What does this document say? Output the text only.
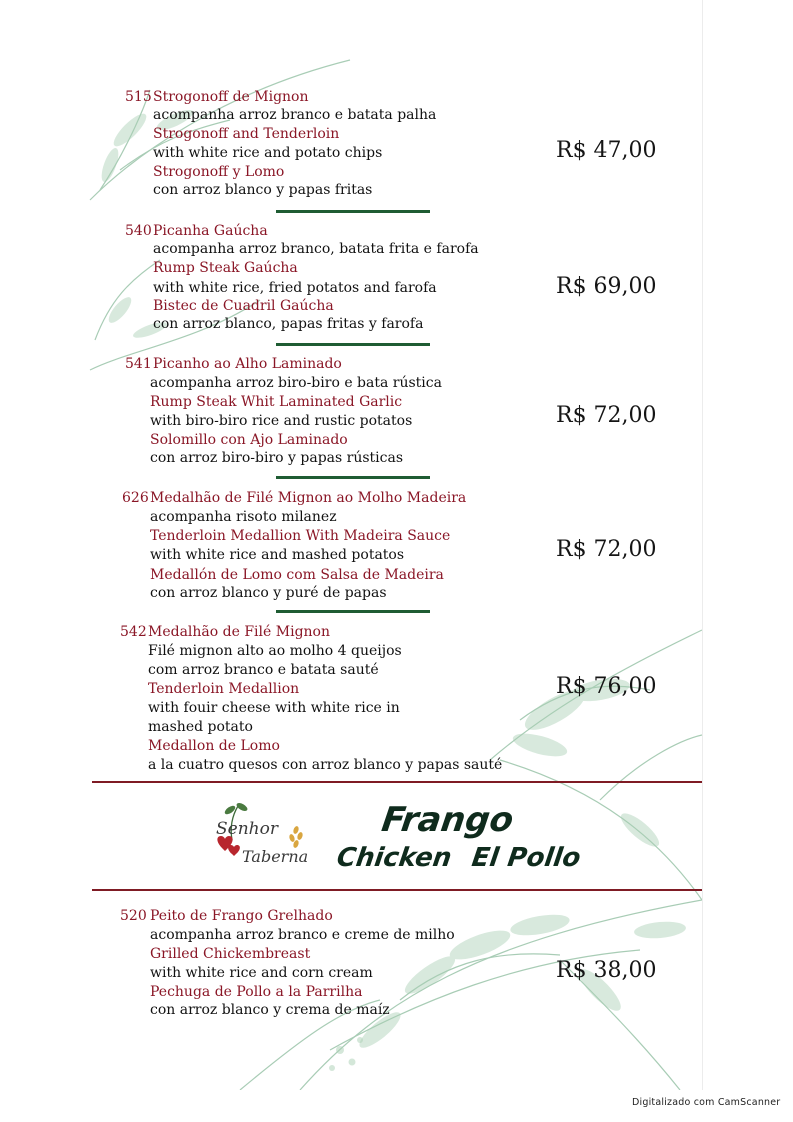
515 Strogonoff de Mignon
acompanha arroz branco e batata palha
Strogonoff and Tenderloin
with white rice and potato chips
Strogonoff y Lomo
con arroz blanco y papas fritas
R$ 47,00
540 Picanha Gaúcha
acompanha arroz branco, batata frita e farofa
Rump Steak Gaúcha
with white rice, fried potatos and farofa
Bistec de Cuadril Gaúcha
con arroz blanco, papas fritas y farofa
R$ 69,00
541 Picanho ao Alho Laminado
acompanha arroz biro-biro e bata rústica
Rump Steak Whit Laminated Garlic
with biro-biro rice and rustic potatos
Solomillo con Ajo Laminado
con arroz biro-biro y papas rústicas
R$ 72,00
626 Medalhão de Filé Mignon ao Molho Madeira
acompanha risoto milanez
Tenderloin Medallion With Madeira Sauce
with white rice and mashed potatos
Medallón de Lomo com Salsa de Madeira
con arroz blanco y puré de papas
R$ 72,00
542 Medalhão de Filé Mignon
Filé mignon alto ao molho 4 queijos
com arroz branco e batata sauté
Tenderloin Medallion
with fouir cheese with white rice in
mashed potato
Medallon de Lomo
a la cuatro quesos con arroz blanco y papas sauté
R$ 76,00
Senhor
Taberna
Frango
Chicken El Pollo
520 Peito de Frango Grelhado
acompanha arroz branco e creme de milho
Grilled Chickembreast
with white rice and corn cream
Pechuga de Pollo a la Parrilha
con arroz blanco y crema de maíz
R$ 38,00
Digitalizado com CamScanner
